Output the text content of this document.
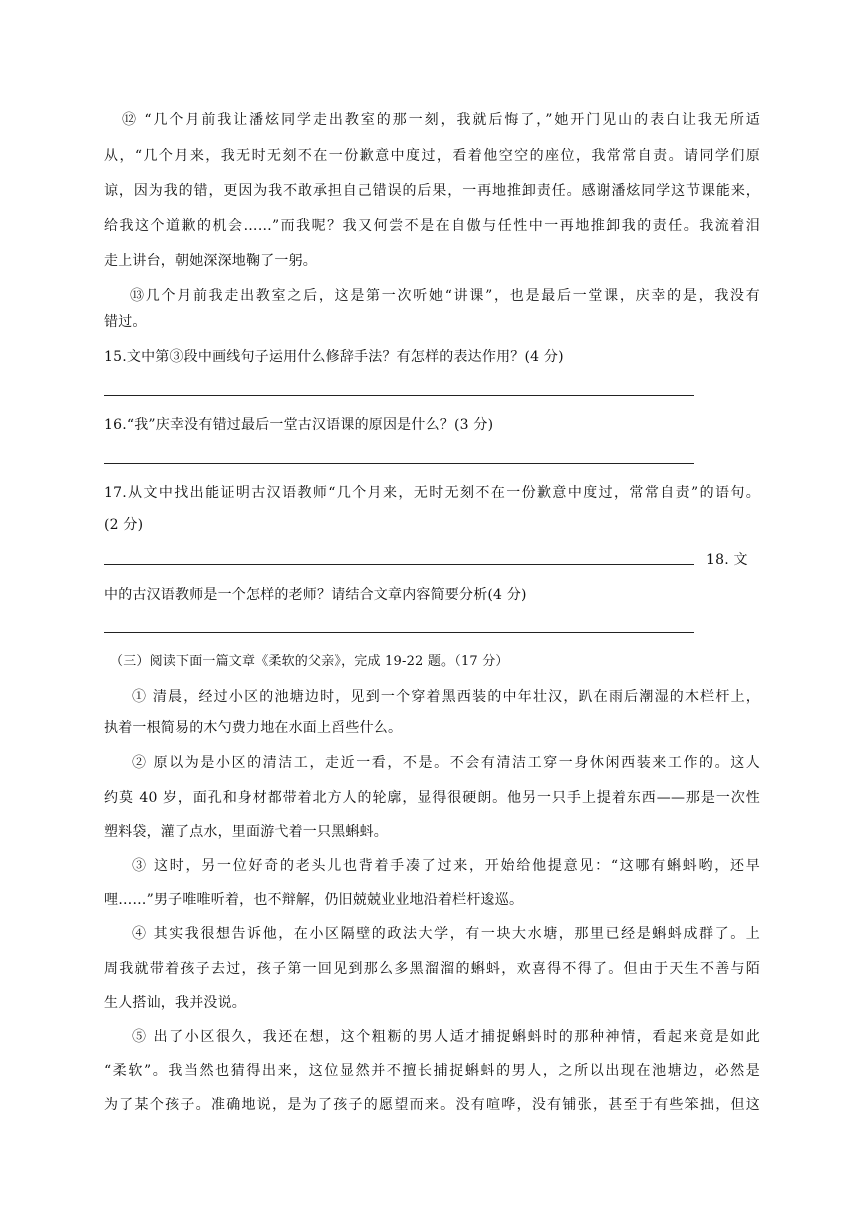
⑫ “几个月前我让潘炫同学走出教室的那一刻，我就后悔了，”她开门见山的表白让我无所适
从，“几个月来，我无时无刻不在一份歉意中度过，看着他空空的座位，我常常自责。请同学们原
谅，因为我的错，更因为我不敢承担自己错误的后果，一再地推卸责任。感谢潘炫同学这节课能来，
给我这个道歉的机会……”而我呢？我又何尝不是在自傲与任性中一再地推卸我的责任。我流着泪
走上讲台，朝她深深地鞠了一躬。
⑬几个月前我走出教室之后，这是第一次听她“讲课”，也是最后一堂课，庆幸的是，我没有
错过。
15.文中第③段中画线句子运用什么修辞手法？有怎样的表达作用？(4 分)
16.“我”庆幸没有错过最后一堂古汉语课的原因是什么？(3 分)
17.从文中找出能证明古汉语教师“几个月来，无时无刻不在一份歉意中度过，常常自责”的语句。
(2 分)
18. 文
中的古汉语教师是一个怎样的老师？请结合文章内容简要分析(4 分)
（三）阅读下面一篇文章《柔软的父亲》，完成 19-22 题。（17 分）
① 清晨，经过小区的池塘边时，见到一个穿着黑西装的中年壮汉，趴在雨后潮湿的木栏杆上，
执着一根简易的木勺费力地在水面上舀些什么。
② 原以为是小区的清洁工，走近一看，不是。不会有清洁工穿一身休闲西装来工作的。这人
约莫 40 岁，面孔和身材都带着北方人的轮廓，显得很硬朗。他另一只手上提着东西——那是一次性
塑料袋，灌了点水，里面游弋着一只黑蝌蚪。
③ 这时，另一位好奇的老头儿也背着手凑了过来，开始给他提意见：“这哪有蝌蚪哟，还早
哩……”男子唯唯听着，也不辩解，仍旧兢兢业业地沿着栏杆逡巡。
④ 其实我很想告诉他，在小区隔壁的政法大学，有一块大水塘，那里已经是蝌蚪成群了。上
周我就带着孩子去过，孩子第一回见到那么多黑溜溜的蝌蚪，欢喜得不得了。但由于天生不善与陌
生人搭讪，我并没说。
⑤ 出了小区很久，我还在想，这个粗粝的男人适才捕捉蝌蚪时的那种神情，看起来竟是如此
“柔软”。我当然也猜得出来，这位显然并不擅长捕捉蝌蚪的男人，之所以出现在池塘边，必然是
为了某个孩子。准确地说，是为了孩子的愿望而来。没有喧哗，没有铺张，甚至于有些笨拙，但这
